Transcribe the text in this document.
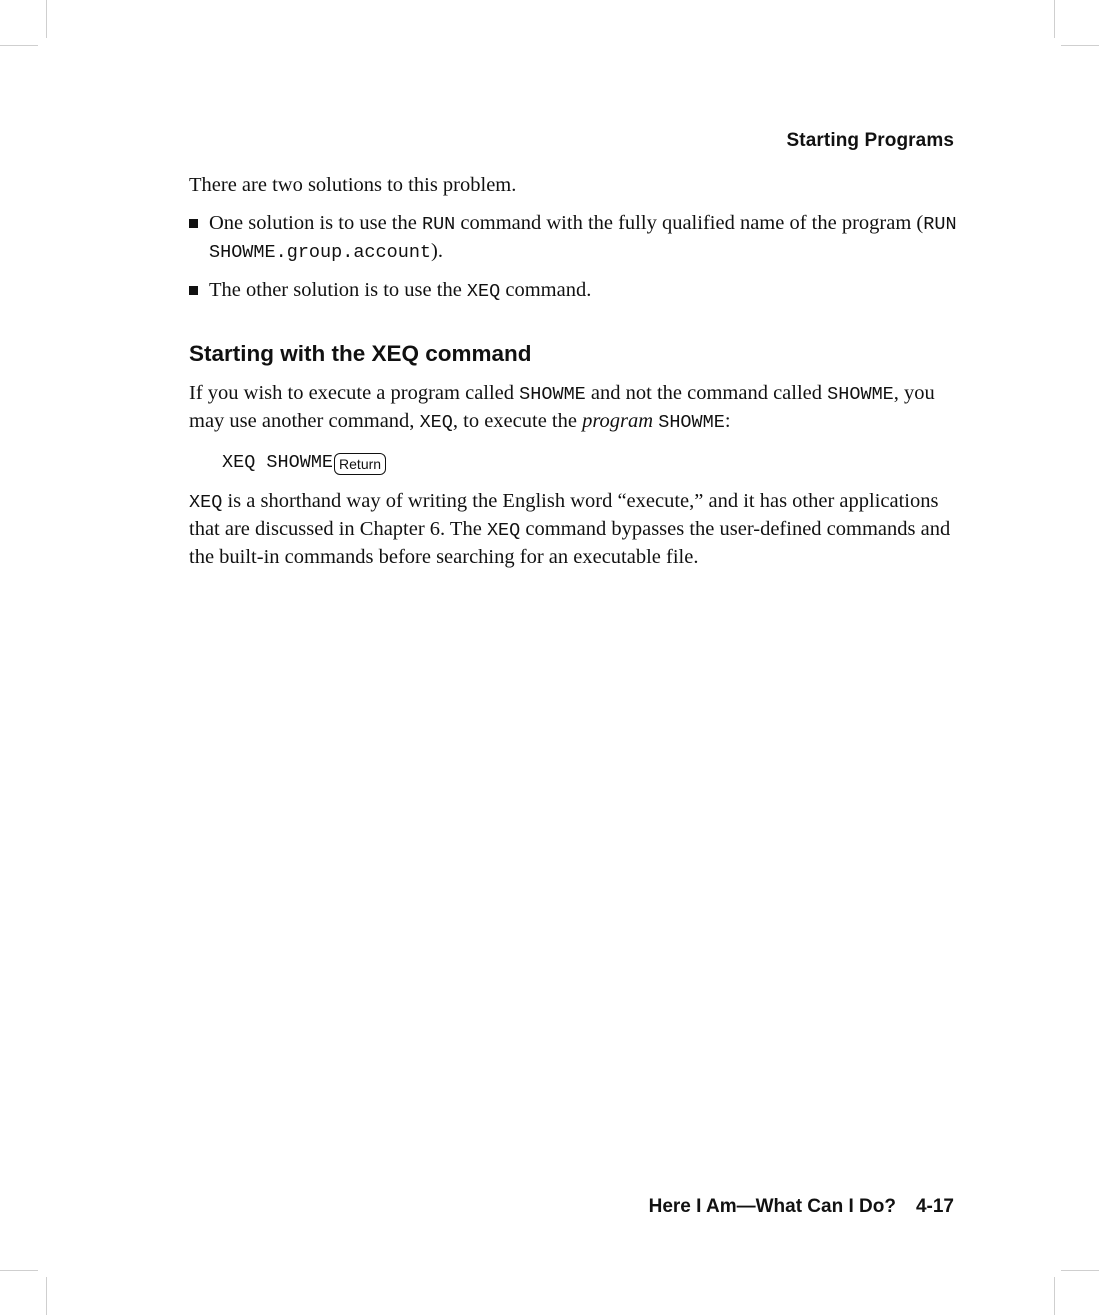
Starting Programs

There are two solutions to this problem.

One solution is to use the RUN command with the fully qualified name of the program (RUN SHOWME.group.account).
The other solution is to use the XEQ command.
Starting with the XEQ command

If you wish to execute a program called SHOWME and not the command called SHOWME, you may use another command, XEQ, to execute the program SHOWME:

XEQ SHOWME Return

XEQ is a shorthand way of writing the English word “execute,” and it has other applications that are discussed in Chapter 6. The XEQ command bypasses the user-defined commands and the built-in commands before searching for an executable file.

Here I Am—What Can I Do? 4-17
